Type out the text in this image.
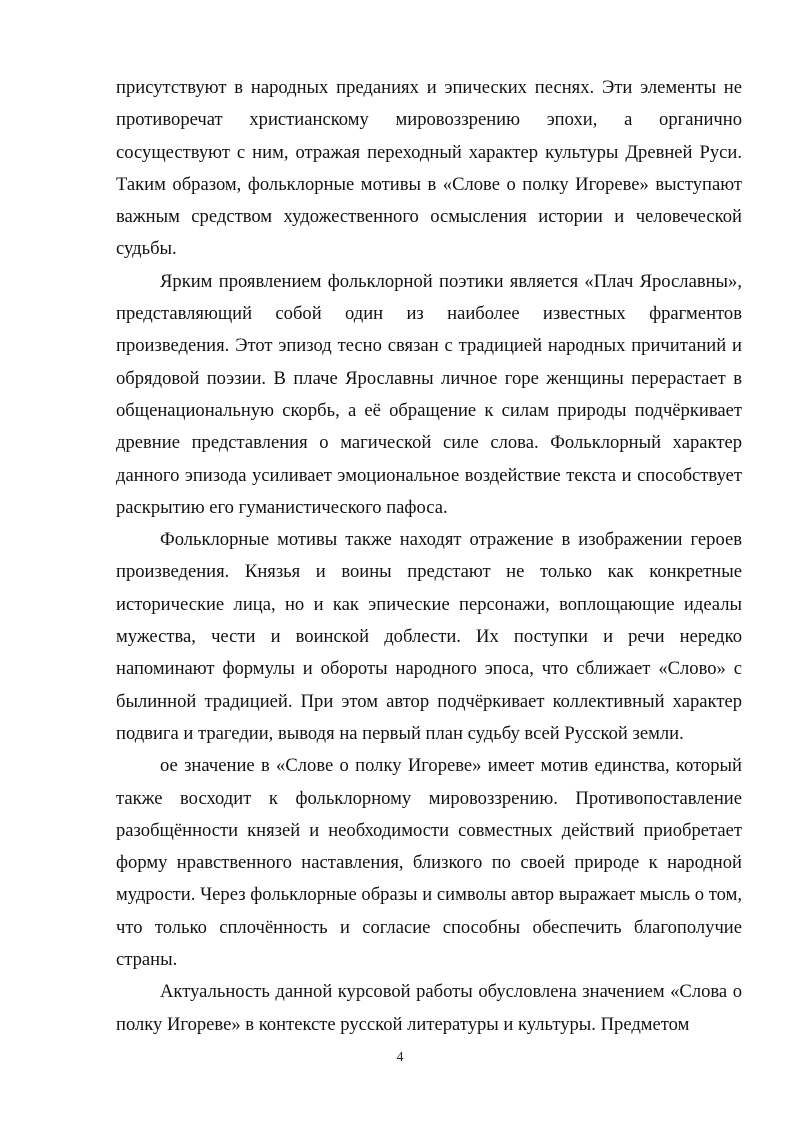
присутствуют в народных преданиях и эпических песнях. Эти элементы не противоречат христианскому мировоззрению эпохи, а органично сосуществуют с ним, отражая переходный характер культуры Древней Руси. Таким образом, фольклорные мотивы в «Слове о полку Игореве» выступают важным средством художественного осмысления истории и человеческой судьбы.

Ярким проявлением фольклорной поэтики является «Плач Ярославны», представляющий собой один из наиболее известных фрагментов произведения. Этот эпизод тесно связан с традицией народных причитаний и обрядовой поэзии. В плаче Ярославны личное горе женщины перерастает в общенациональную скорбь, а её обращение к силам природы подчёркивает древние представления о магической силе слова. Фольклорный характер данного эпизода усиливает эмоциональное воздействие текста и способствует раскрытию его гуманистического пафоса.

Фольклорные мотивы также находят отражение в изображении героев произведения. Князья и воины предстают не только как конкретные исторические лица, но и как эпические персонажи, воплощающие идеалы мужества, чести и воинской доблести. Их поступки и речи нередко напоминают формулы и обороты народного эпоса, что сближает «Слово» с былинной традицией. При этом автор подчёркивает коллективный характер подвига и трагедии, выводя на первый план судьбу всей Русской земли.

ое значение в «Слове о полку Игореве» имеет мотив единства, который также восходит к фольклорному мировоззрению. Противопоставление разобщённости князей и необходимости совместных действий приобретает форму нравственного наставления, близкого по своей природе к народной мудрости. Через фольклорные образы и символы автор выражает мысль о том, что только сплочённость и согласие способны обеспечить благополучие страны.

Актуальность данной курсовой работы обусловлена значением «Слова о полку Игореве» в контексте русской литературы и культуры. Предметом

4
